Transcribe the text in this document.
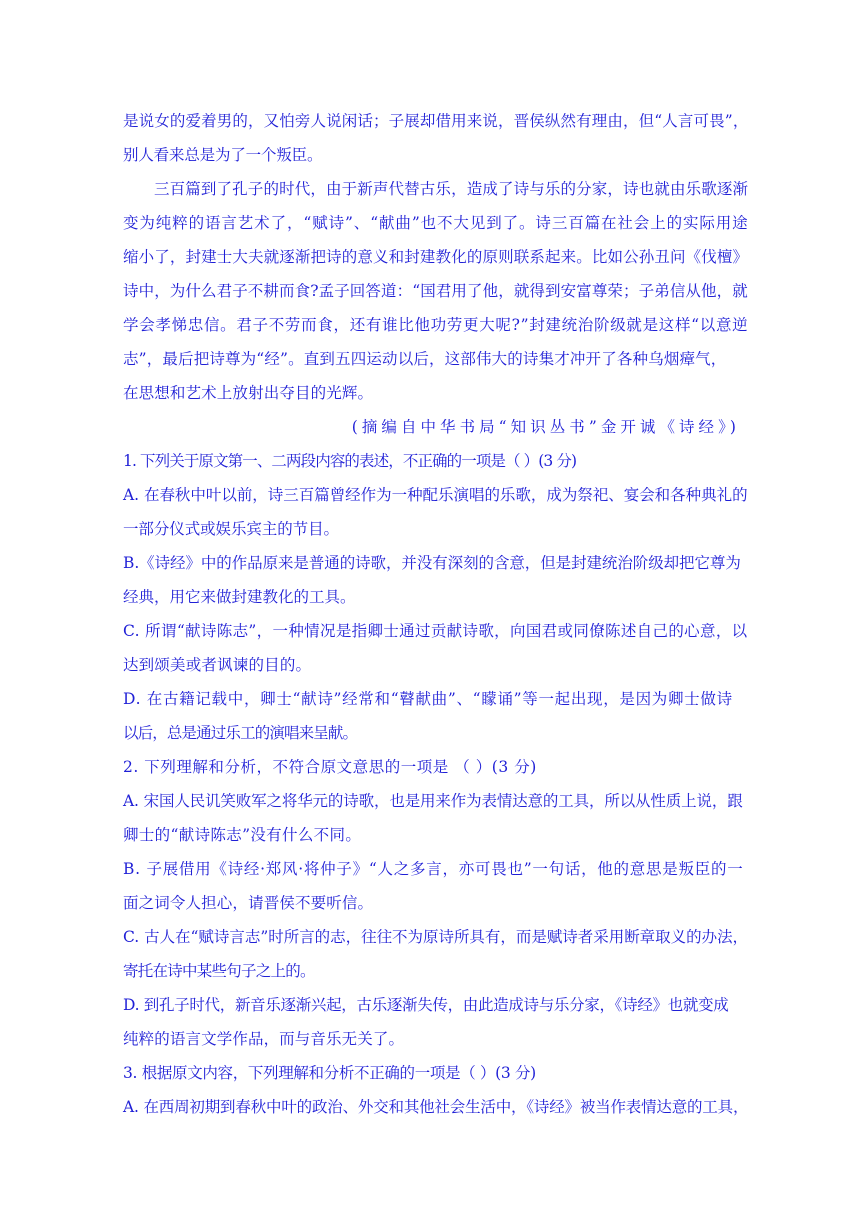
是说女的爱着男的，又怕旁人说闲话；子展却借用来说，晋侯纵然有理由，但“人言可畏”，
别人看来总是为了一个叛臣。
三百篇到了孔子的时代，由于新声代替古乐，造成了诗与乐的分家，诗也就由乐歌逐渐
变为纯粹的语言艺术了，“赋诗”、“献曲”也不大见到了。诗三百篇在社会上的实际用途
缩小了，封建士大夫就逐渐把诗的意义和封建教化的原则联系起来。比如公孙丑问《伐檀》
诗中，为什么君子不耕而食?孟子回答道：“国君用了他，就得到安富尊荣；子弟信从他，就
学会孝悌忠信。君子不劳而食，还有谁比他功劳更大呢?”封建统治阶级就是这样“以意逆
志”，最后把诗尊为“经”。直到五四运动以后，这部伟大的诗集才冲开了各种乌烟瘴气，
在思想和艺术上放射出夺目的光辉。
(摘编自中华书局“知识丛书”金开诚《诗经》)
1. 下列关于原文第一、二两段内容的表述，不正确的一项是（ ）(3 分)
A. 在春秋中叶以前，诗三百篇曾经作为一种配乐演唱的乐歌，成为祭祀、宴会和各种典礼的
一部分仪式或娱乐宾主的节目。
B.《诗经》中的作品原来是普通的诗歌，并没有深刻的含意，但是封建统治阶级却把它尊为
经典，用它来做封建教化的工具。
C. 所谓“献诗陈志”，一种情况是指卿士通过贡献诗歌，向国君或同僚陈述自己的心意，以
达到颂美或者讽谏的目的。
D. 在古籍记载中，卿士“献诗”经常和“瞽献曲”、“矇诵”等一起出现，是因为卿士做诗
以后，总是通过乐工的演唱来呈献。
2. 下列理解和分析，不符合原文意思的一项是 （ ）(3 分)
A. 宋国人民讥笑败军之将华元的诗歌，也是用来作为表情达意的工具，所以从性质上说，跟
卿士的“献诗陈志”没有什么不同。
B. 子展借用《诗经·郑风·将仲子》“人之多言，亦可畏也”一句话，他的意思是叛臣的一
面之词令人担心，请晋侯不要听信。
C. 古人在“赋诗言志”时所言的志，往往不为原诗所具有，而是赋诗者采用断章取义的办法，
寄托在诗中某些句子之上的。
D. 到孔子时代，新音乐逐渐兴起，古乐逐渐失传，由此造成诗与乐分家，《诗经》也就变成
纯粹的语言文学作品，而与音乐无关了。
3. 根据原文内容，下列理解和分析不正确的一项是（ ）(3 分)
A. 在西周初期到春秋中叶的政治、外交和其他社会生活中，《诗经》被当作表情达意的工具，
